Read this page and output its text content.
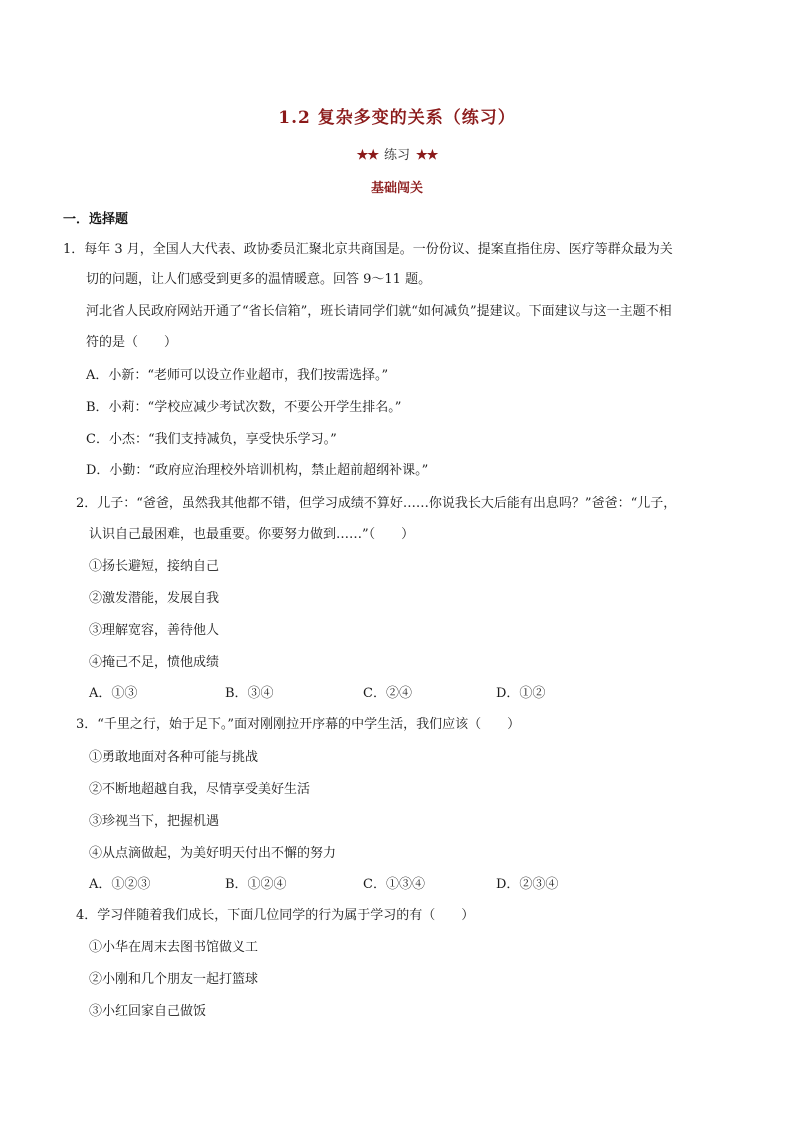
1.2 复杂多变的关系（练习）
★★ 练习 ★★
基础闯关
一．选择题
1．每年 3 月，全国人大代表、政协委员汇聚北京共商国是。一份份议、提案直指住房、医疗等群众最为关
切的问题，让人们感受到更多的温情暖意。回答 9～11 题。
河北省人民政府网站开通了“省长信箱”，班长请同学们就“如何减负”提建议。下面建议与这一主题不相
符的是（　　）
A．小新：“老师可以设立作业超市，我们按需选择。”
B．小莉：“学校应减少考试次数，不要公开学生排名。”
C．小杰：“我们支持减负，享受快乐学习。”
D．小勤：“政府应治理校外培训机构，禁止超前超纲补课。”
2．儿子：“爸爸，虽然我其他都不错，但学习成绩不算好……你说我长大后能有出息吗？”爸爸：“儿子，
认识自己最困难，也最重要。你要努力做到……”（　　）
①扬长避短，接纳自己
②激发潜能，发展自我
③理解宽容，善待他人
④掩己不足，愤他成绩
A．①③	B．③④	C．②④	D．①②
3．“千里之行，始于足下。”面对刚刚拉开序幕的中学生活，我们应该（　　）
①勇敢地面对各种可能与挑战
②不断地超越自我，尽情享受美好生活
③珍视当下，把握机遇
④从点滴做起，为美好明天付出不懈的努力
A．①②③	B．①②④	C．①③④	D．②③④
4．学习伴随着我们成长，下面几位同学的行为属于学习的有（　　）
①小华在周末去图书馆做义工
②小刚和几个朋友一起打篮球
③小红回家自己做饭
